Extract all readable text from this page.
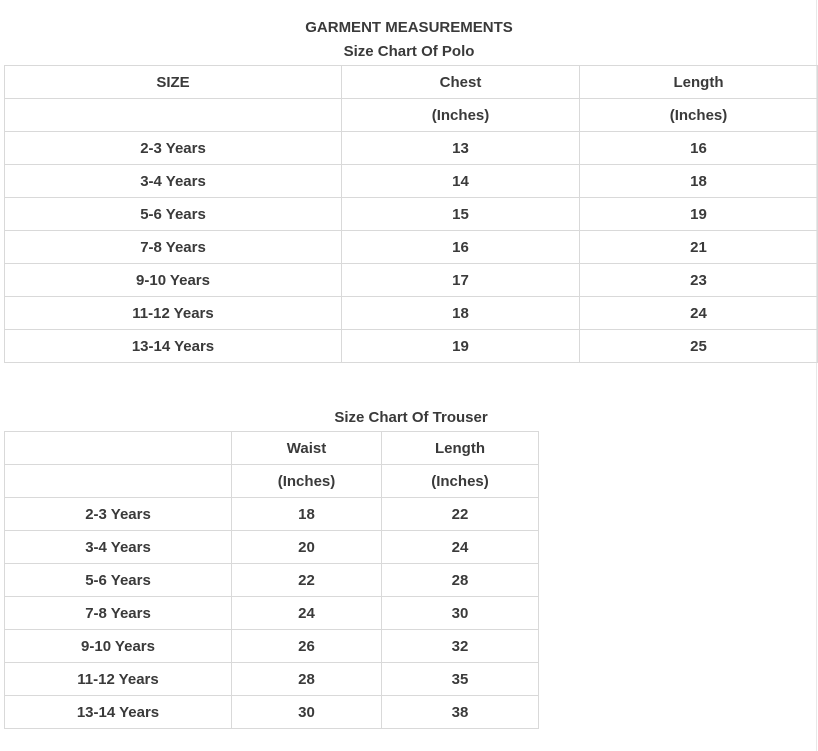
GARMENT MEASUREMENTS
Size Chart Of Polo
SIZE	Chest	Length
	(Inches)	(Inches)
2-3 Years	13	16
3-4 Years	14	18
5-6 Years	15	19
7-8 Years	16	21
9-10 Years	17	23
11-12 Years	18	24
13-14 Years	19	25
Size Chart Of Trouser
	Waist	Length
	(Inches)	(Inches)
2-3 Years	18	22
3-4 Years	20	24
5-6 Years	22	28
7-8 Years	24	30
9-10 Years	26	32
11-12 Years	28	35
13-14 Years	30	38
